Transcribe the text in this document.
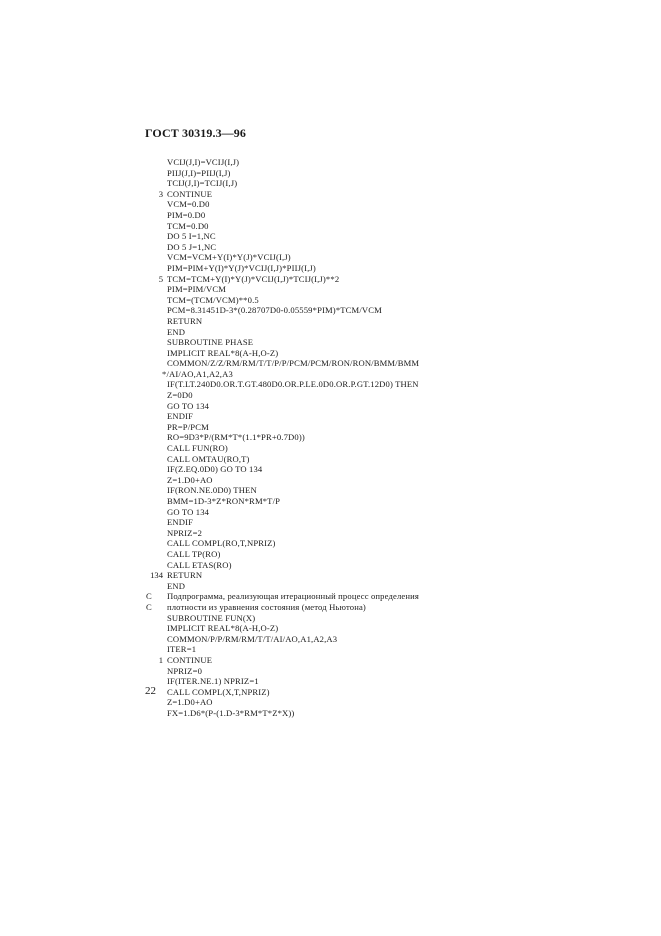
ГОСТ 30319.3—96
VCIJ(J,I)=VCIJ(I,J)
PIIJ(J,I)=PIIJ(I,J)
TCIJ(J,I)=TCIJ(I,J)
3 CONTINUE
VCM=0.D0
PIM=0.D0
TCM=0.D0
DO 5 I=1,NC
DO 5 J=1,NC
VCM=VCM+Y(I)*Y(J)*VCIJ(I,J)
PIM=PIM+Y(I)*Y(J)*VCIJ(I,J)*PIIJ(I,J)
5 TCM=TCM+Y(I)*Y(J)*VCIJ(I,J)*TCIJ(I,J)**2
PIM=PIM/VCM
TCM=(TCM/VCM)**0.5
PCM=8.31451D-3*(0.28707D0-0.05559*PIM)*TCM/VCM
RETURN
END
SUBROUTINE PHASE
IMPLICIT REAL*8(A-H,O-Z)
COMMON/Z/Z/RM/RM/T/T/P/P/PCM/PCM/RON/RON/BMM/BMM
*/AI/AO,A1,A2,A3
IF(T.LT.240D0.OR.T.GT.480D0.OR.P.LE.0D0.OR.P.GT.12D0) THEN
Z=0D0
GO TO 134
ENDIF
PR=P/PCM
RO=9D3*P/(RM*T*(1.1*PR+0.7D0))
CALL FUN(RO)
CALL OMTAU(RO,T)
IF(Z.EQ.0D0) GO TO 134
Z=1.D0+AO
IF(RON.NE.0D0) THEN
BMM=1D-3*Z*RON*RM*T/P
GO TO 134
ENDIF
NPRIZ=2
CALL COMPL(RO,T,NPRIZ)
CALL TP(RO)
CALL ETAS(RO)
134 RETURN
END
C	Подпрограмма, реализующая итерационный процесс определения
C	плотности из уравнения состояния (метод Ньютона)
SUBROUTINE FUN(X)
IMPLICIT REAL*8(A-H,O-Z)
COMMON/P/P/RM/RM/T/T/AI/AO,A1,A2,A3
ITER=1
1 CONTINUE
NPRIZ=0
IF(ITER.NE.1) NPRIZ=1
CALL COMPL(X,T,NPRIZ)
Z=1.D0+AO
FX=1.D6*(P-(1.D-3*RM*T*Z*X))
22
